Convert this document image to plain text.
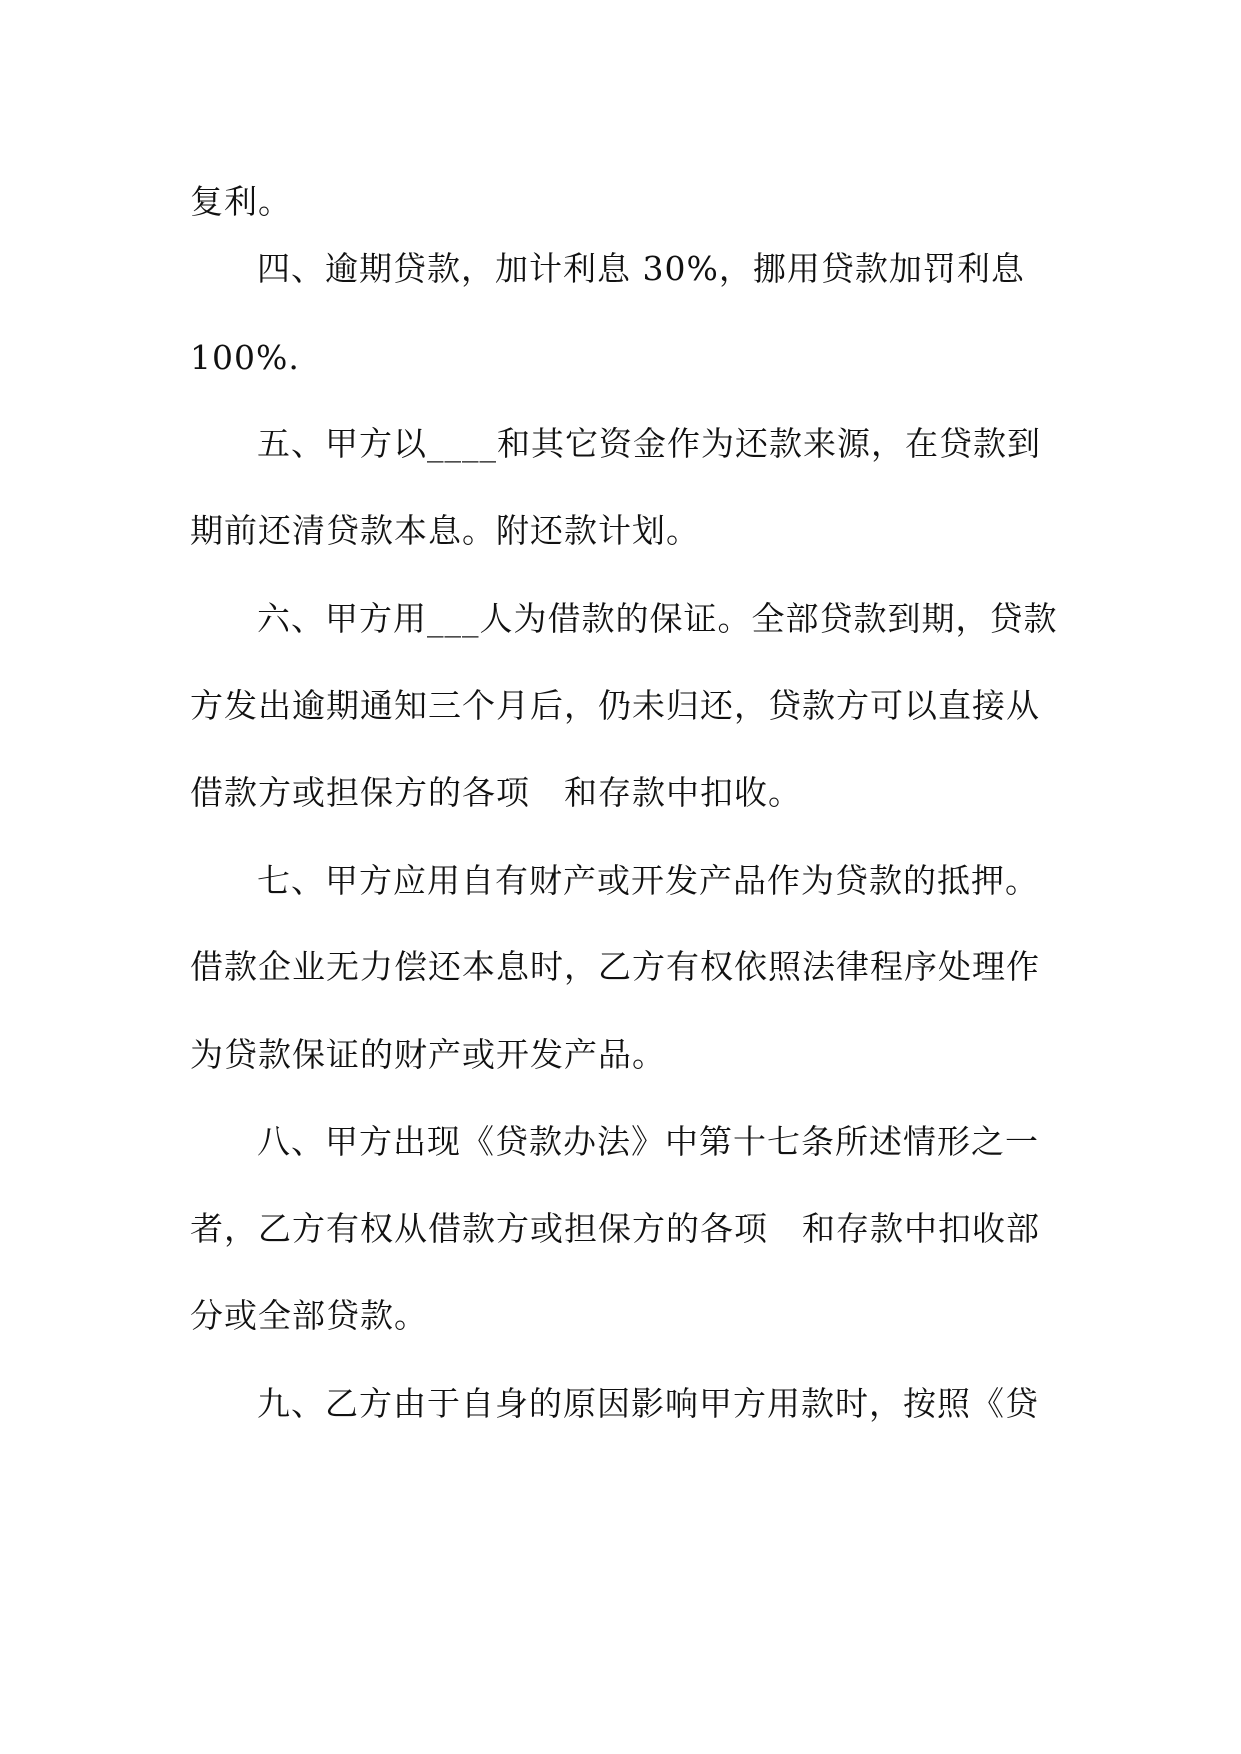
复利。
四、逾期贷款，加计利息 30%，挪用贷款加罚利息
100%.
五、甲方以____和其它资金作为还款来源，在贷款到
期前还清贷款本息。附还款计划。
六、甲方用___人为借款的保证。全部贷款到期，贷款
方发出逾期通知三个月后，仍未归还，贷款方可以直接从
借款方或担保方的各项　和存款中扣收。
七、甲方应用自有财产或开发产品作为贷款的抵押。
借款企业无力偿还本息时，乙方有权依照法律程序处理作
为贷款保证的财产或开发产品。
八、甲方出现《贷款办法》中第十七条所述情形之一
者，乙方有权从借款方或担保方的各项　和存款中扣收部
分或全部贷款。
九、乙方由于自身的原因影响甲方用款时，按照《贷
